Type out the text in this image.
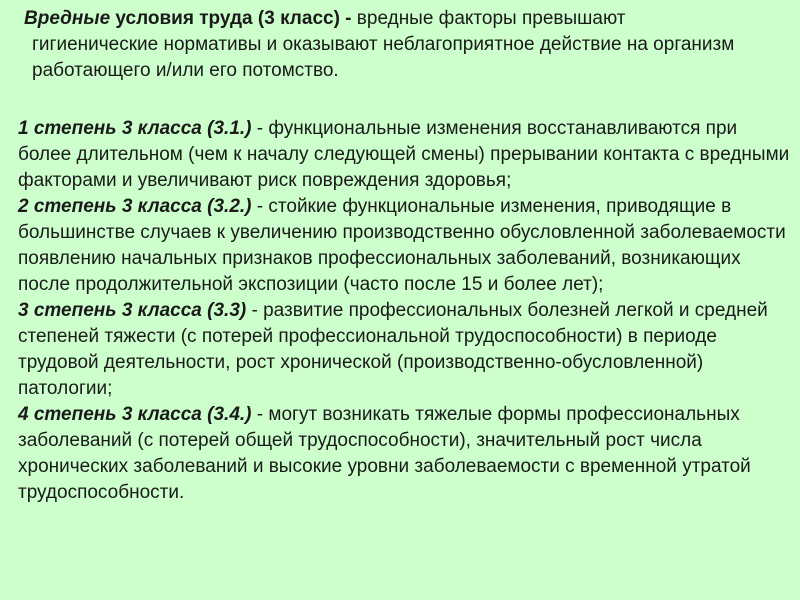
Вредные условия труда (3 класс) - вредные факторы превышают
гигиенические нормативы и оказывают неблагоприятное действие на организм работающего и/или его потомство.

1 степень 3 класса (3.1.) - функциональные изменения восстанавливаются при более длительном (чем к началу следующей смены) прерывании контакта с вредными факторами и увеличивают риск повреждения здоровья;

2 степень 3 класса (3.2.) - стойкие функциональные изменения, приводящие в большинстве случаев к увеличению производственно обусловленной заболеваемости появлению начальных признаков профессиональных заболеваний, возникающих после продолжительной экспозиции (часто после 15 и более лет);

3 степень 3 класса (3.3) - развитие профессиональных болезней легкой и средней степеней тяжести (с потерей профессиональной трудоспособности) в периоде трудовой деятельности, рост хронической (производственно-обусловленной) патологии;

4 степень 3 класса (3.4.) - могут возникать тяжелые формы профессиональных заболеваний (с потерей общей трудоспособности), значительный рост числа хронических заболеваний и высокие уровни заболеваемости с временной утратой трудоспособности.
